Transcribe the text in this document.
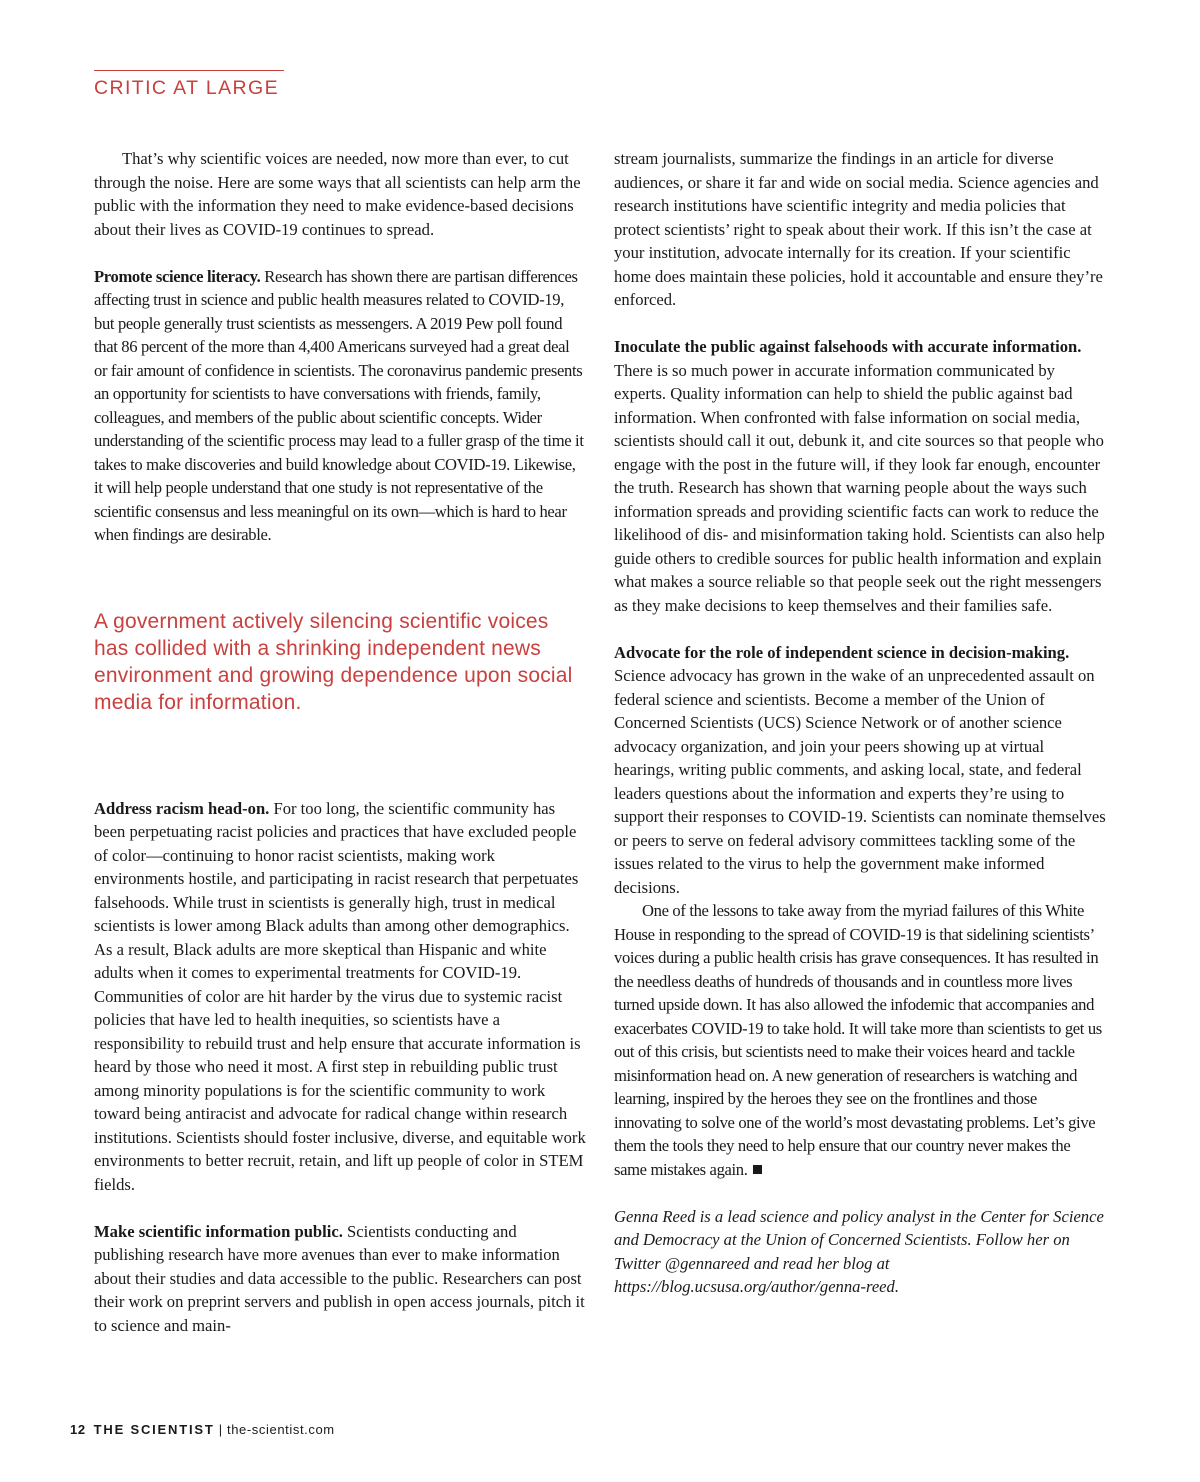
CRITIC AT LARGE

That’s why scientific voices are needed, now more than ever, to cut through the noise. Here are some ways that all scientists can help arm the public with the information they need to make evidence-based decisions about their lives as COVID-19 continues to spread.

Promote science literacy. Research has shown there are partisan differences affecting trust in science and public health measures related to COVID-19, but people generally trust scientists as messengers. A 2019 Pew poll found that 86 percent of the more than 4,400 Americans surveyed had a great deal or fair amount of confidence in scientists. The coronavirus pandemic presents an opportunity for scientists to have conversations with friends, family, colleagues, and members of the public about scientific concepts. Wider understanding of the scientific process may lead to a fuller grasp of the time it takes to make discoveries and build knowledge about COVID-19. Likewise, it will help people understand that one study is not representative of the scientific consensus and less meaningful on its own—which is hard to hear when findings are desirable.

A government actively silencing scientific voices has collided with a shrinking independent news environment and growing dependence upon social media for information.

Address racism head-on. For too long, the scientific community has been perpetuating racist policies and practices that have excluded people of color—continuing to honor racist scientists, making work environments hostile, and participating in racist research that perpetuates falsehoods. While trust in scientists is generally high, trust in medical scientists is lower among Black adults than among other demographics. As a result, Black adults are more skeptical than Hispanic and white adults when it comes to experimental treatments for COVID-19. Communities of color are hit harder by the virus due to systemic racist policies that have led to health inequities, so scientists have a responsibility to rebuild trust and help ensure that accurate information is heard by those who need it most. A first step in rebuilding public trust among minority populations is for the scientific community to work toward being antiracist and advocate for radical change within research institutions. Scientists should foster inclusive, diverse, and equitable work environments to better recruit, retain, and lift up people of color in STEM fields.

Make scientific information public. Scientists conducting and publishing research have more avenues than ever to make information about their studies and data accessible to the public. Researchers can post their work on preprint servers and publish in open access journals, pitch it to science and main-

stream journalists, summarize the findings in an article for diverse audiences, or share it far and wide on social media. Science agencies and research institutions have scientific integrity and media policies that protect scientists’ right to speak about their work. If this isn’t the case at your institution, advocate internally for its creation. If your scientific home does maintain these policies, hold it accountable and ensure they’re enforced.

Inoculate the public against falsehoods with accurate information. There is so much power in accurate information communicated by experts. Quality information can help to shield the public against bad information. When confronted with false information on social media, scientists should call it out, debunk it, and cite sources so that people who engage with the post in the future will, if they look far enough, encounter the truth. Research has shown that warning people about the ways such information spreads and providing scientific facts can work to reduce the likelihood of dis- and misinformation taking hold. Scientists can also help guide others to credible sources for public health information and explain what makes a source reliable so that people seek out the right messengers as they make decisions to keep themselves and their families safe.

Advocate for the role of independent science in decision-making. Science advocacy has grown in the wake of an unprecedented assault on federal science and scientists. Become a member of the Union of Concerned Scientists (UCS) Science Network or of another science advocacy organization, and join your peers showing up at virtual hearings, writing public comments, and asking local, state, and federal leaders questions about the information and experts they’re using to support their responses to COVID-19. Scientists can nominate themselves or peers to serve on federal advisory committees tackling some of the issues related to the virus to help the government make informed decisions.

One of the lessons to take away from the myriad failures of this White House in responding to the spread of COVID-19 is that sidelining scientists’ voices during a public health crisis has grave consequences. It has resulted in the needless deaths of hundreds of thousands and in countless more lives turned upside down. It has also allowed the infodemic that accompanies and exacerbates COVID-19 to take hold. It will take more than scientists to get us out of this crisis, but scientists need to make their voices heard and tackle misinformation head on. A new generation of researchers is watching and learning, inspired by the heroes they see on the frontlines and those innovating to solve one of the world’s most devastating problems. Let’s give them the tools they need to help ensure that our country never makes the same mistakes again.

Genna Reed is a lead science and policy analyst in the Center for Science and Democracy at the Union of Concerned Scientists. Follow her on Twitter @gennareed and read her blog at https://blog.ucsusa.org/author/genna-reed.

12 THE SCIENTIST | the-scientist.com
